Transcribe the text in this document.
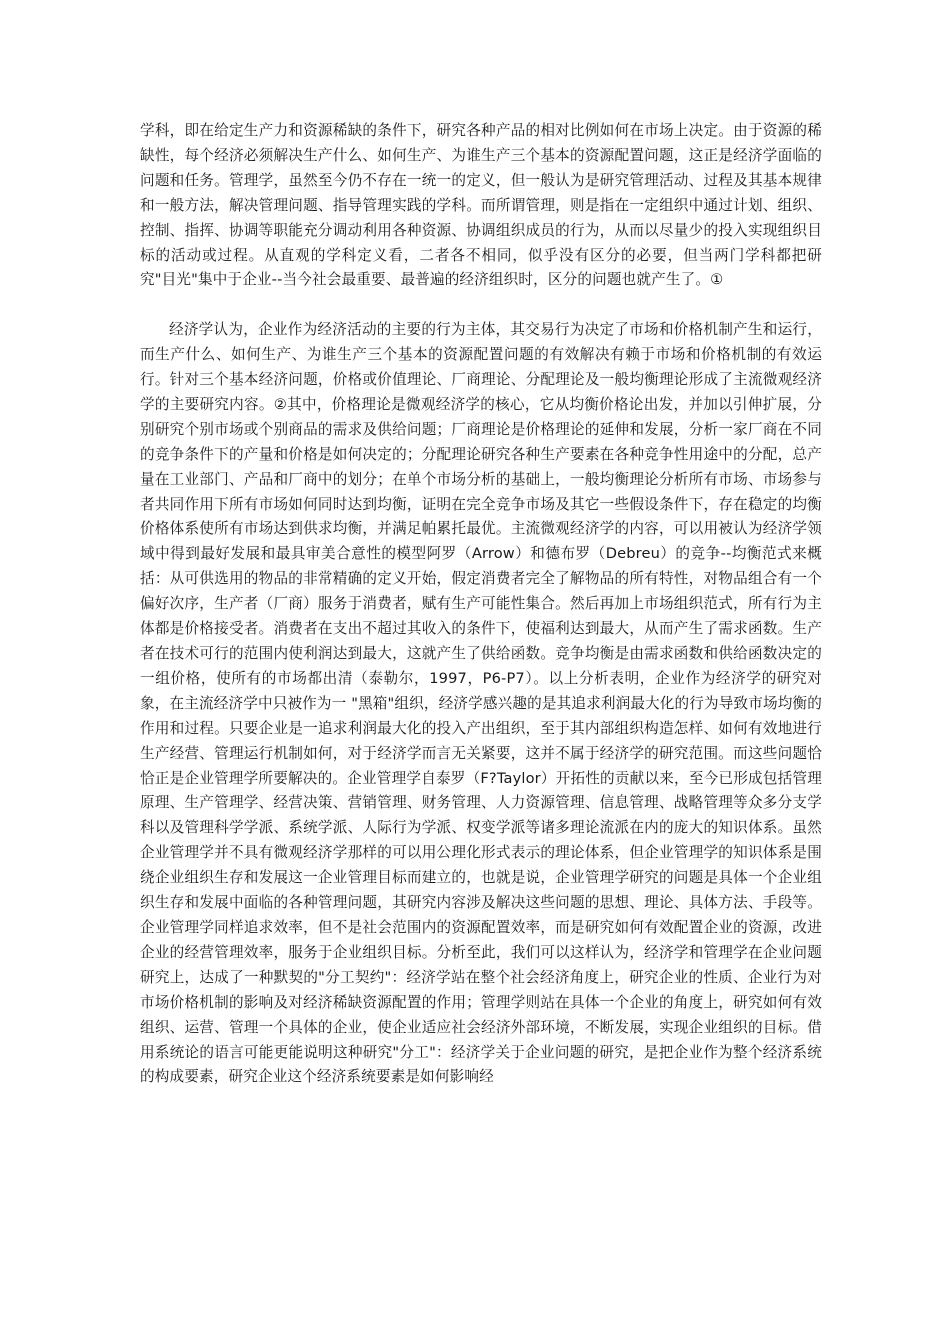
学科，即在给定生产力和资源稀缺的条件下，研究各种产品的相对比例如何在市场上决定。由于资源的稀缺性，每个经济必须解决生产什么、如何生产、为谁生产三个基本的资源配置问题，这正是经济学面临的问题和任务。管理学，虽然至今仍不存在一统一的定义，但一般认为是研究管理活动、过程及其基本规律和一般方法，解决管理问题、指导管理实践的学科。而所谓管理，则是指在一定组织中通过计划、组织、控制、指挥、协调等职能充分调动利用各种资源、协调组织成员的行为，从而以尽量少的投入实现组织目标的活动或过程。从直观的学科定义看，二者各不相同，似乎没有区分的必要，但当两门学科都把研究"目光"集中于企业--当今社会最重要、最普遍的经济组织时，区分的问题也就产生了。①

经济学认为，企业作为经济活动的主要的行为主体，其交易行为决定了市场和价格机制产生和运行，而生产什么、如何生产、为谁生产三个基本的资源配置问题的有效解决有赖于市场和价格机制的有效运行。针对三个基本经济问题，价格或价值理论、厂商理论、分配理论及一般均衡理论形成了主流微观经济学的主要研究内容。②其中，价格理论是微观经济学的核心，它从均衡价格论出发，并加以引伸扩展，分别研究个别市场或个别商品的需求及供给问题；厂商理论是价格理论的延伸和发展，分析一家厂商在不同的竞争条件下的产量和价格是如何决定的；分配理论研究各种生产要素在各种竞争性用途中的分配，总产量在工业部门、产品和厂商中的划分；在单个市场分析的基础上，一般均衡理论分析所有市场、市场参与者共同作用下所有市场如何同时达到均衡，证明在完全竞争市场及其它一些假设条件下，存在稳定的均衡价格体系使所有市场达到供求均衡，并满足帕累托最优。主流微观经济学的内容，可以用被认为经济学领域中得到最好发展和最具审美合意性的模型阿罗（Arrow）和德布罗（Debreu）的竞争--均衡范式来概括：从可供选用的物品的非常精确的定义开始，假定消费者完全了解物品的所有特性，对物品组合有一个偏好次序，生产者（厂商）服务于消费者，赋有生产可能性集合。然后再加上市场组织范式，所有行为主体都是价格接受者。消费者在支出不超过其收入的条件下，使福利达到最大，从而产生了需求函数。生产者在技术可行的范围内使利润达到最大，这就产生了供给函数。竞争均衡是由需求函数和供给函数决定的一组价格，使所有的市场都出清（泰勒尔，1997，P6-P7）。以上分析表明，企业作为经济学的研究对象，在主流经济学中只被作为一 "黑箱"组织，经济学感兴趣的是其追求利润最大化的行为导致市场均衡的作用和过程。只要企业是一追求利润最大化的投入产出组织，至于其内部组织构造怎样、如何有效地进行生产经营、管理运行机制如何，对于经济学而言无关紧要，这并不属于经济学的研究范围。而这些问题恰恰正是企业管理学所要解决的。企业管理学自泰罗（F?Taylor）开拓性的贡献以来，至今已形成包括管理原理、生产管理学、经营决策、营销管理、财务管理、人力资源管理、信息管理、战略管理等众多分支学科以及管理科学学派、系统学派、人际行为学派、权变学派等诸多理论流派在内的庞大的知识体系。虽然企业管理学并不具有微观经济学那样的可以用公理化形式表示的理论体系，但企业管理学的知识体系是围绕企业组织生存和发展这一企业管理目标而建立的，也就是说，企业管理学研究的问题是具体一个企业组织生存和发展中面临的各种管理问题，其研究内容涉及解决这些问题的思想、理论、具体方法、手段等。企业管理学同样追求效率，但不是社会范围内的资源配置效率，而是研究如何有效配置企业的资源，改进企业的经营管理效率，服务于企业组织目标。分析至此，我们可以这样认为，经济学和管理学在企业问题研究上，达成了一种默契的"分工契约"：经济学站在整个社会经济角度上，研究企业的性质、企业行为对市场价格机制的影响及对经济稀缺资源配置的作用；管理学则站在具体一个企业的角度上，研究如何有效组织、运营、管理一个具体的企业，使企业适应社会经济外部环境，不断发展，实现企业组织的目标。借用系统论的语言可能更能说明这种研究"分工"：经济学关于企业问题的研究，是把企业作为整个经济系统的构成要素，研究企业这个经济系统要素是如何影响经
